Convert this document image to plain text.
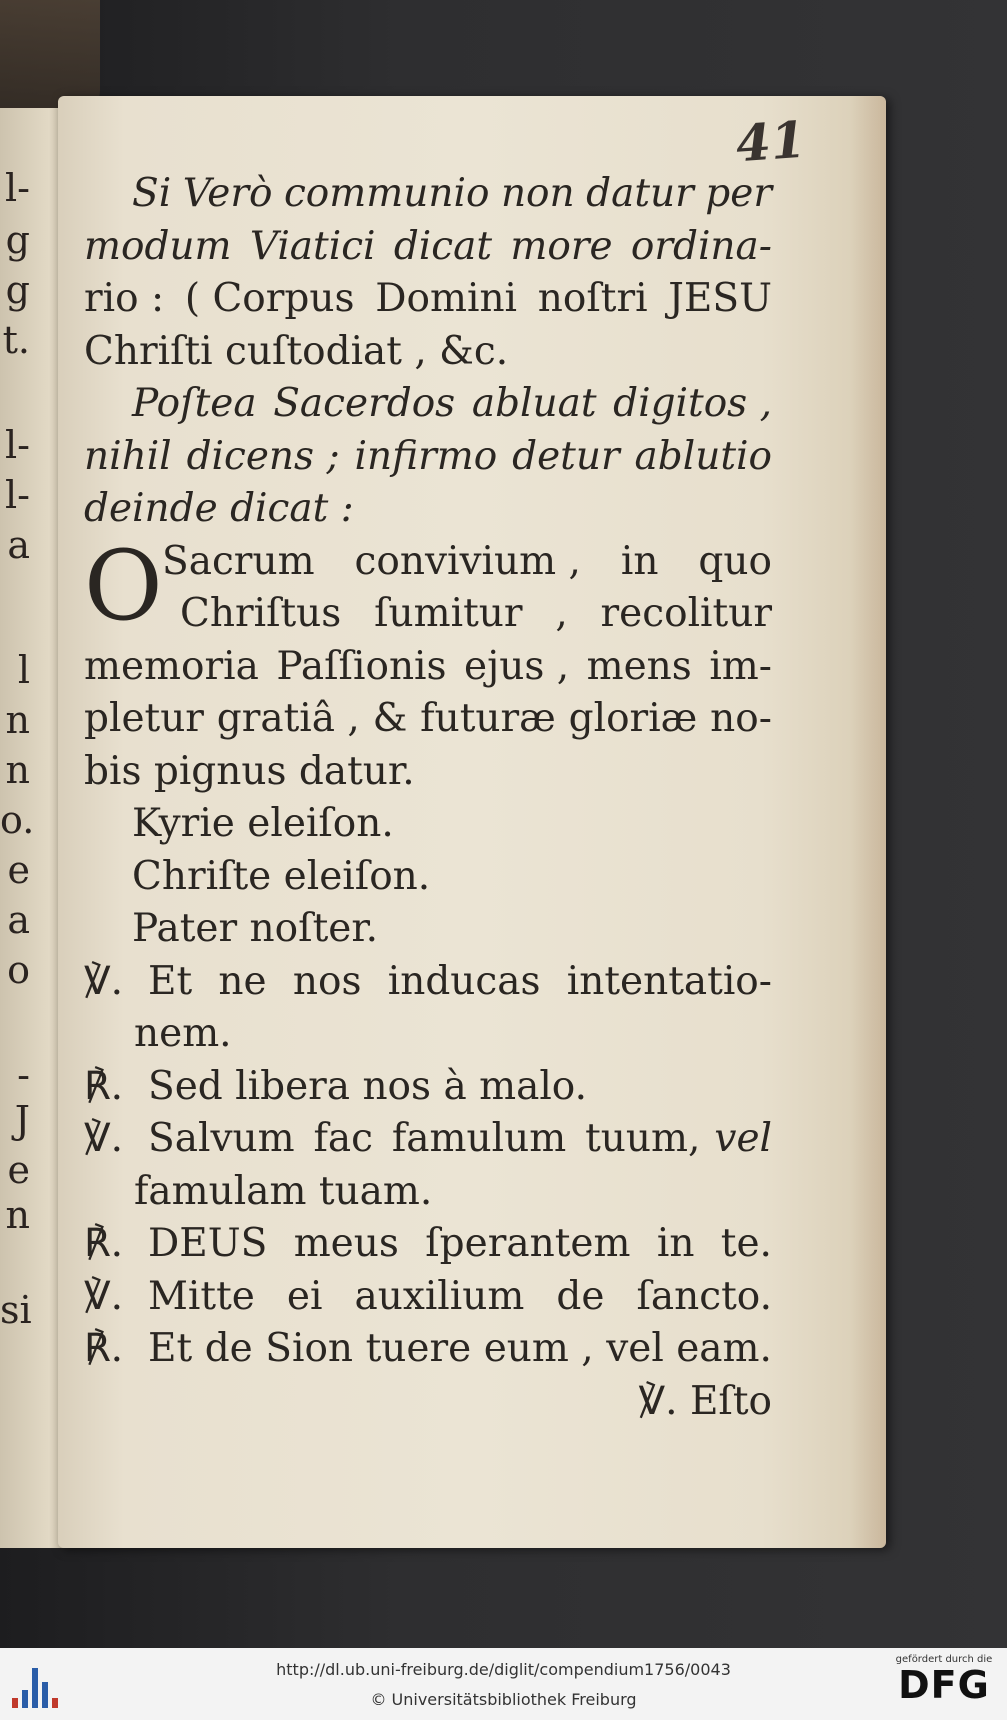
l-
g
g
t.
l-
l-
a
l
n
n
o.
e
a
o
-
J
e
n
si
41
Si Verò communio non datur per
modum Viatici dicat more ordina-
rio : ( Corpus Domini noſtri JESU
Chriſti cuſtodiat , &c.
Poſtea Sacerdos abluat digitos ,
nihil dicens ; infirmo detur ablutio
deinde dicat :
O Sacrum convivium , in quo
Chriſtus ſumitur , recolitur
memoria Paſſionis ejus , mens im-
pletur gratiâ , & futuræ gloriæ no-
bis pignus datur.
Kyrie eleiſon.
Chriſte eleiſon.
Pater noſter.
℣. Et ne nos inducas intentatio-
nem.
℟. Sed libera nos à malo.
℣. Salvum fac famulum tuum, vel
famulam tuam.
℟. DEUS meus ſperantem in te.
℣. Mitte ei auxilium de ſancto.
℟. Et de Sion tuere eum , vel eam.
℣. Eſto
http://dl.ub.uni-freiburg.de/diglit/compendium1756/0043
© Universitätsbibliothek Freiburg
gefördert durch die
DFG
